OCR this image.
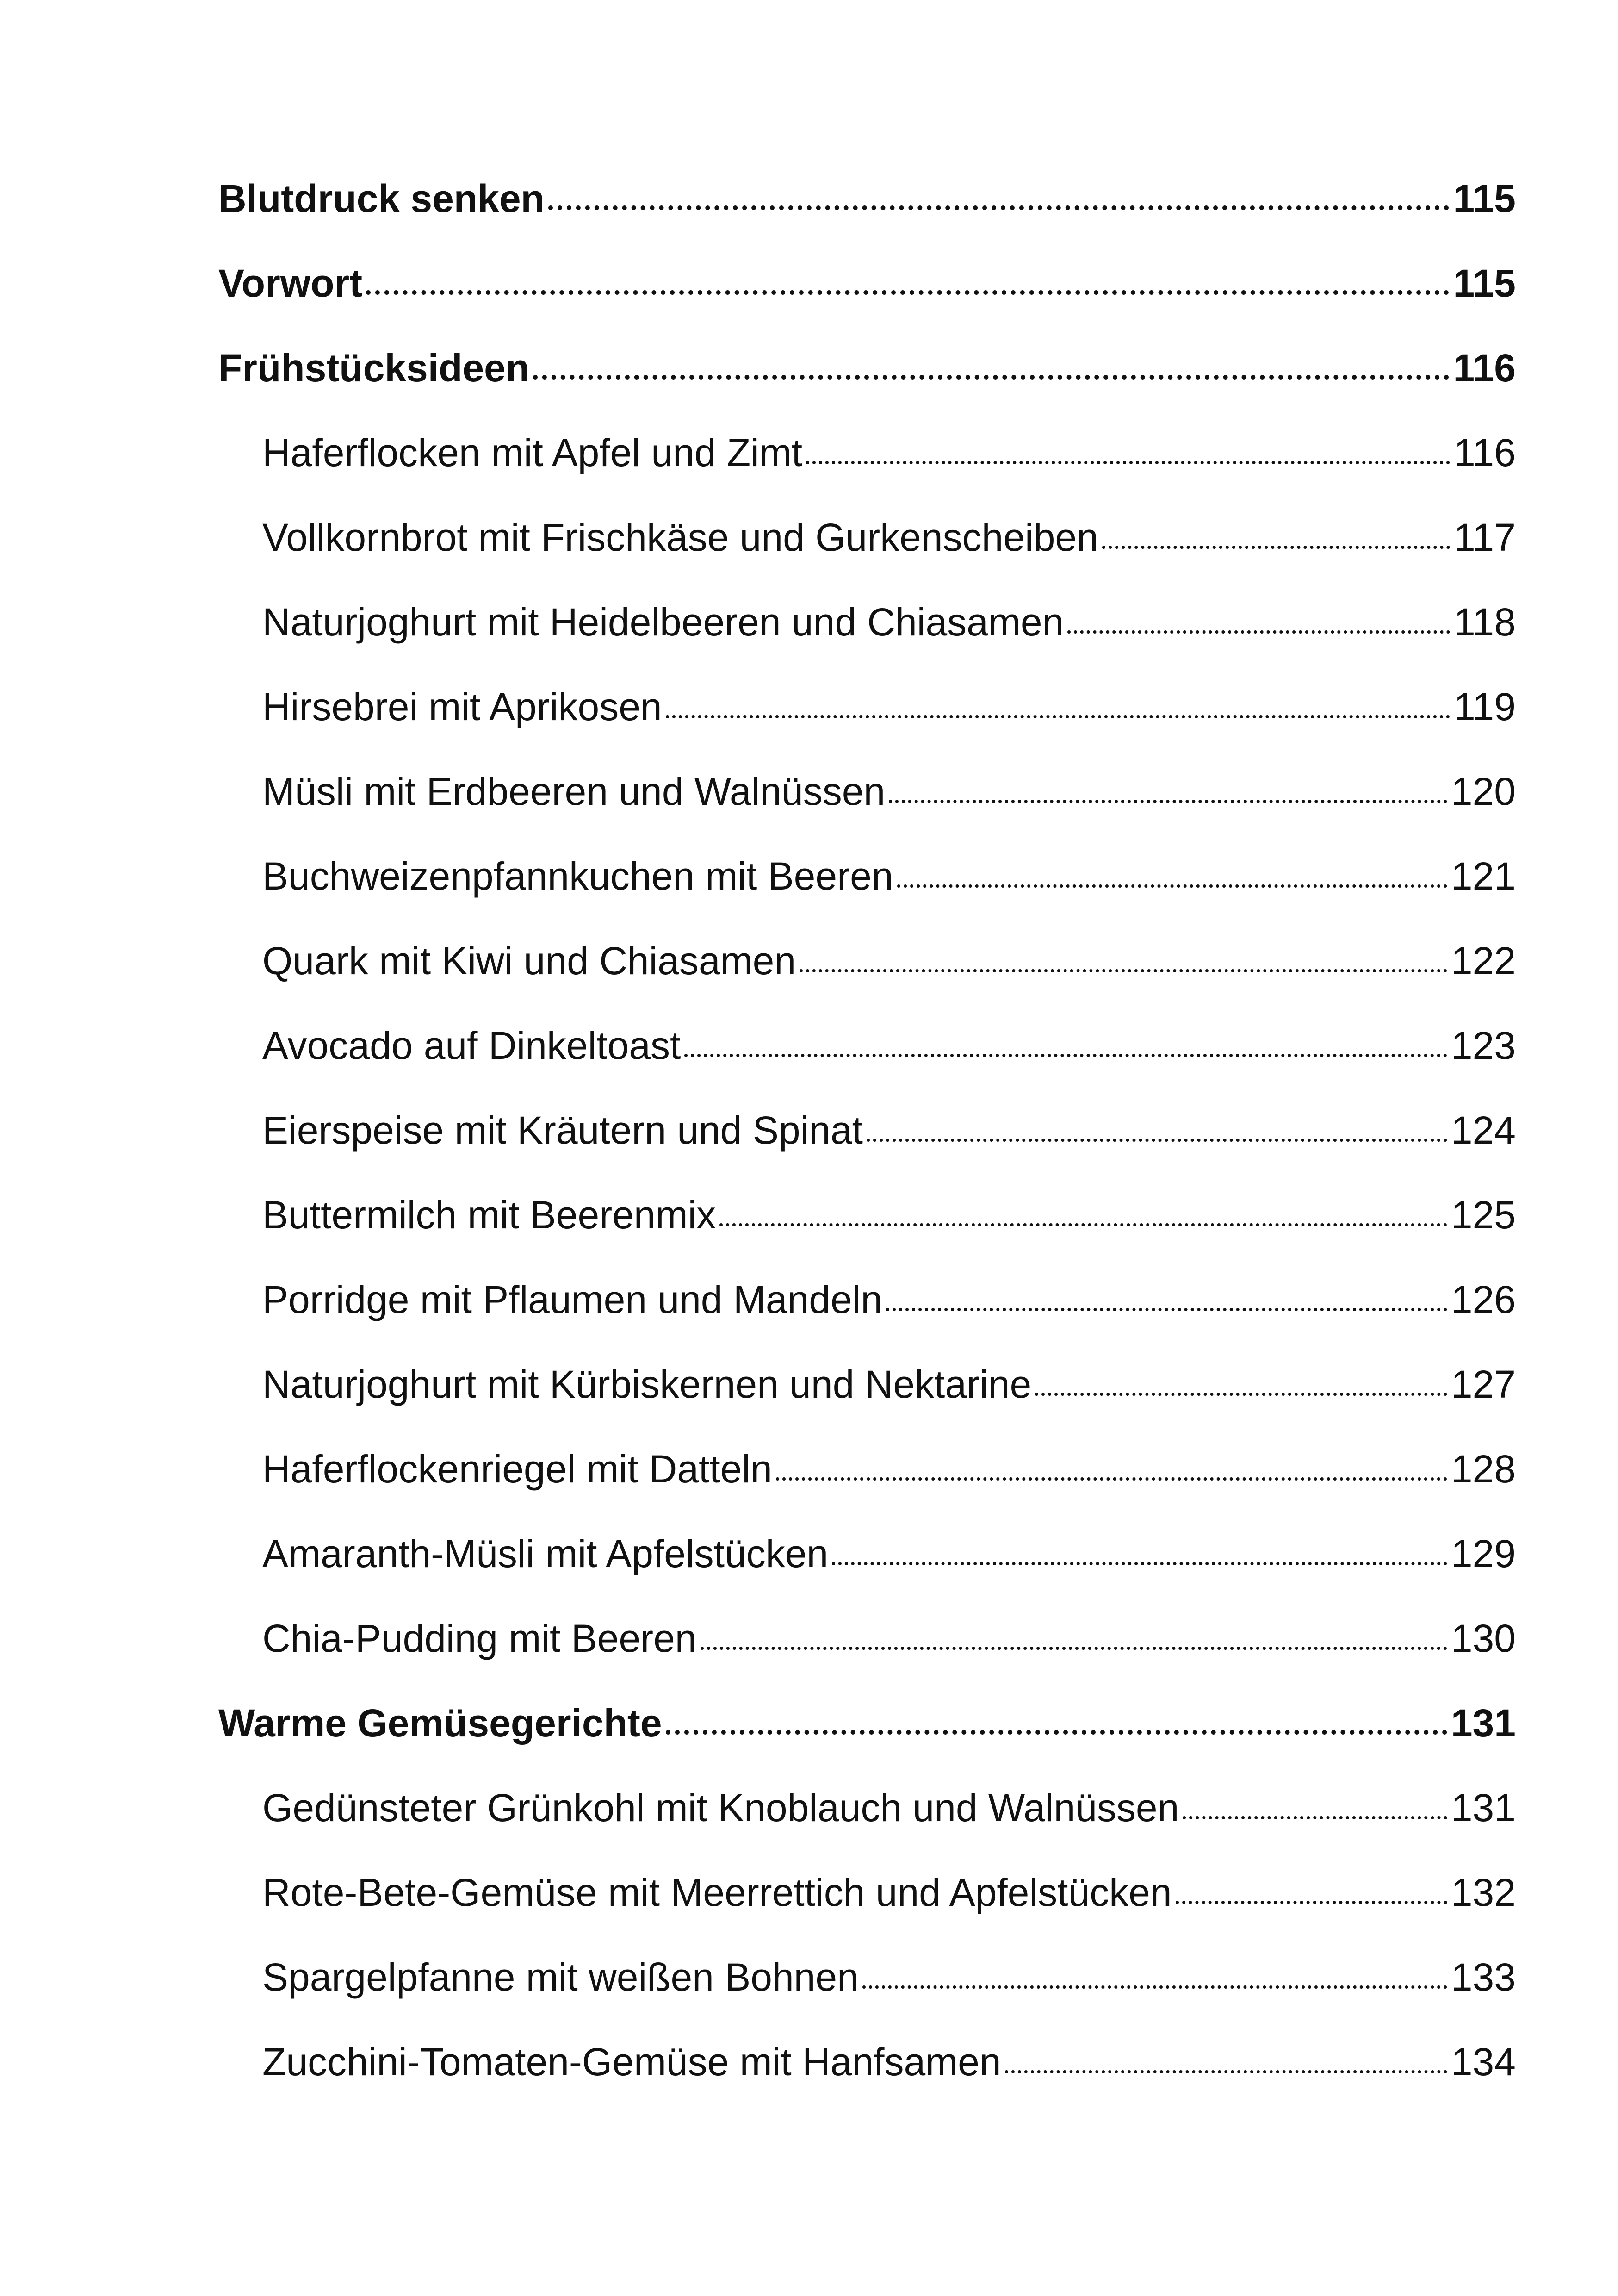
Blutdruck senken	115
Vorwort	115
Frühstücksideen	116
Haferflocken mit Apfel und Zimt	116
Vollkornbrot mit Frischkäse und Gurkenscheiben	117
Naturjoghurt mit Heidelbeeren und Chiasamen	118
Hirsebrei mit Aprikosen	119
Müsli mit Erdbeeren und Walnüssen	120
Buchweizenpfannkuchen mit Beeren	121
Quark mit Kiwi und Chiasamen	122
Avocado auf Dinkeltoast	123
Eierspeise mit Kräutern und Spinat	124
Buttermilch mit Beerenmix	125
Porridge mit Pflaumen und Mandeln	126
Naturjoghurt mit Kürbiskernen und Nektarine	127
Haferflockenriegel mit Datteln	128
Amaranth-Müsli mit Apfelstücken	129
Chia-Pudding mit Beeren	130
Warme Gemüsegerichte	131
Gedünsteter Grünkohl mit Knoblauch und Walnüssen	131
Rote-Bete-Gemüse mit Meerrettich und Apfelstücken	132
Spargelpfanne mit weißen Bohnen	133
Zucchini-Tomaten-Gemüse mit Hanfsamen	134
